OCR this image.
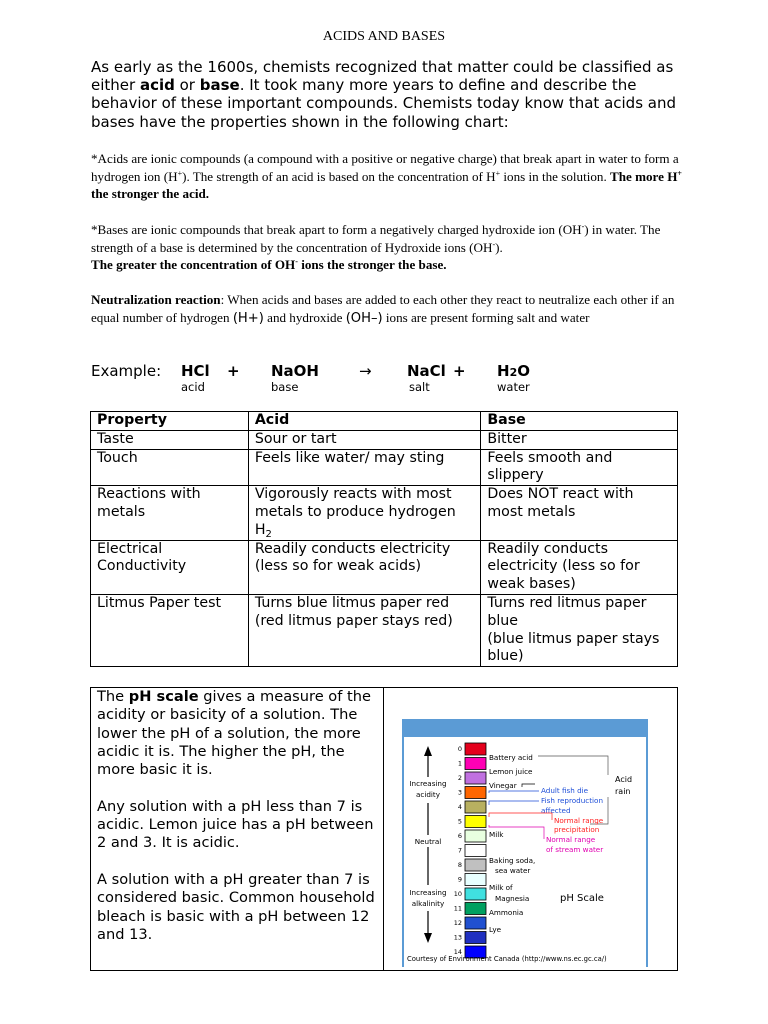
ACIDS AND BASES
As early as the 1600s, chemists recognized that matter could be classified as either acid or base. It took many more years to define and describe the behavior of these important compounds. Chemists today know that acids and bases have the properties shown in the following chart:
*Acids are ionic compounds (a compound with a positive or negative charge) that break apart in water to form a hydrogen ion (H+). The strength of an acid is based on the concentration of H+ ions in the solution. The more H+ the stronger the acid.
*Bases are ionic compounds that break apart to form a negatively charged hydroxide ion (OH-) in water. The strength of a base is determined by the concentration of Hydroxide ions (OH-).
The greater the concentration of OH- ions the stronger the base.
Neutralization reaction: When acids and bases are added to each other they react to neutralize each other if an equal number of hydrogen (H+) and hydroxide (OH–) ions are present forming salt and water
Example: HCl + NaOH	→ NaCl + H2O
acid	base	salt	water
Property	Acid	Base
Taste	Sour or tart	Bitter
Touch	Feels like water/ may sting	Feels smooth and slippery
Reactions with metals	Vigorously reacts with most metals to produce hydrogen $H_2$	Does NOT react with most metals
Electrical Conductivity	Readily conducts electricity (less so for weak acids)	Readily conducts electricity (less so for weak bases)
Litmus Paper test	Turns blue litmus paper red (red litmus paper stays red)	Turns red litmus paper blue
(blue litmus paper stays blue)

The pH scale gives a measure of the acidity or basicity of a solution. The lower the pH of a solution, the more acidic it is. The higher the pH, the more basic it is.

Any solution with a pH less than 7 is acidic. Lemon juice has a pH between 2 and 3. It is acidic.

A solution with a pH greater than 7 is considered basic. Common household bleach is basic with a pH between 12 and 13.

Increasing
acidity
Neutral
Increasing
alkalinity
0
1
2
3
4
5
6
7
8
9
10
11
12
13
14
Battery acid
Lemon juice
Vinegar
Acid
rain
Adult fish die
Fish reproduction
affected
Normal range
precipitation
Normal range
of stream water
Milk
Baking soda,
sea water
Milk of
Magnesia
Ammonia
Lye
pH Scale
Courtesy of Environment Canada (http://www.ns.ec.gc.ca/)
